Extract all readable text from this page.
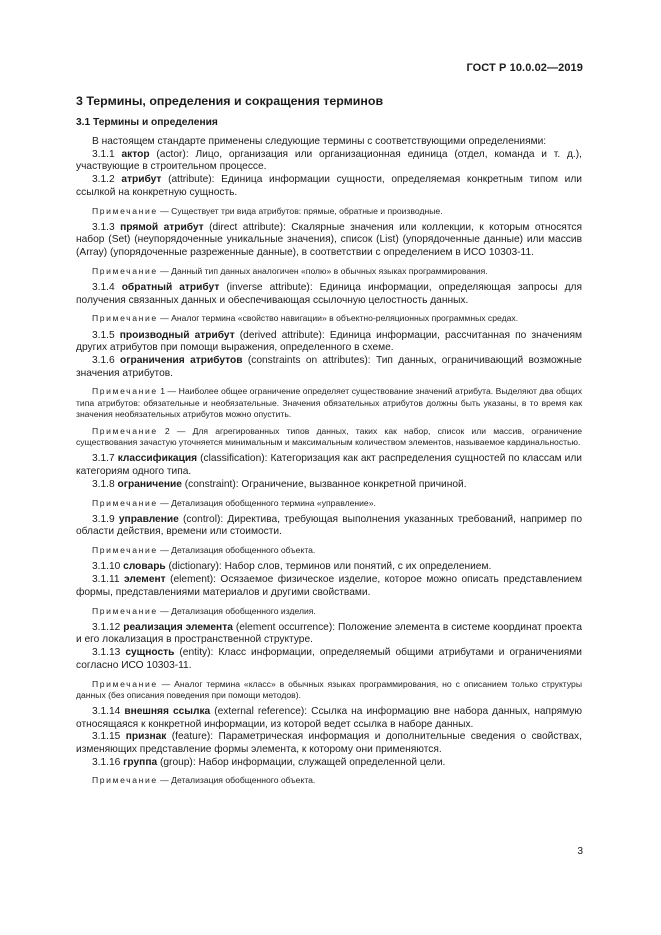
ГОСТ Р 10.0.02—2019
3 Термины, определения и сокращения терминов
3.1 Термины и определения

В настоящем стандарте применены следующие термины с соответствующими определениями:

3.1.1 актор (actor): Лицо, организация или организационная единица (отдел, команда и т. д.), участвующие в строительном процессе.

3.1.2 атрибут (attribute): Единица информации сущности, определяемая конкретным типом или ссылкой на конкретную сущность.

Примечание — Существует три вида атрибутов: прямые, обратные и производные.

3.1.3 прямой атрибут (direct attribute): Скалярные значения или коллекции, к которым относятся набор (Set) (неупорядоченные уникальные значения), список (List) (упорядоченные данные) или массив (Array) (упорядоченные разреженные данные), в соответствии с определением в ИСО 10303-11.

Примечание — Данный тип данных аналогичен «полю» в обычных языках программирования.

3.1.4 обратный атрибут (inverse attribute): Единица информации, определяющая запросы для получения связанных данных и обеспечивающая ссылочную целостность данных.

Примечание — Аналог термина «свойство навигации» в объектно-реляционных программных средах.

3.1.5 производный атрибут (derived attribute): Единица информации, рассчитанная по значениям других атрибутов при помощи выражения, определенного в схеме.

3.1.6 ограничения атрибутов (constraints on attributes): Тип данных, ограничивающий возможные значения атрибутов.

Примечание 1 — Наиболее общее ограничение определяет существование значений атрибута. Выделяют два общих типа атрибутов: обязательные и необязательные. Значения обязательных атрибутов должны быть указаны, в то время как значения необязательных атрибутов можно опустить.

Примечание 2 — Для агрегированных типов данных, таких как набор, список или массив, ограничение существования зачастую уточняется минимальным и максимальным количеством элементов, называемое кардинальностью.

3.1.7 классификация (classification): Категоризация как акт распределения сущностей по классам или категориям одного типа.

3.1.8 ограничение (constraint): Ограничение, вызванное конкретной причиной.

Примечание — Детализация обобщенного термина «управление».

3.1.9 управление (control): Директива, требующая выполнения указанных требований, например по области действия, времени или стоимости.

Примечание — Детализация обобщенного объекта.

3.1.10 словарь (dictionary): Набор слов, терминов или понятий, с их определением.

3.1.11 элемент (element): Осязаемое физическое изделие, которое можно описать представлением формы, представлениями материалов и другими свойствами.

Примечание — Детализация обобщенного изделия.

3.1.12 реализация элемента (element occurrence): Положение элемента в системе координат проекта и его локализация в пространственной структуре.

3.1.13 сущность (entity): Класс информации, определяемый общими атрибутами и ограничениями согласно ИСО 10303-11.

Примечание — Аналог термина «класс» в обычных языках программирования, но с описанием только структуры данных (без описания поведения при помощи методов).

3.1.14 внешняя ссылка (external reference): Ссылка на информацию вне набора данных, напрямую относящаяся к конкретной информации, из которой ведет ссылка в наборе данных.

3.1.15 признак (feature): Параметрическая информация и дополнительные сведения о свойствах, изменяющих представление формы элемента, к которому они применяются.

3.1.16 группа (group): Набор информации, служащей определенной цели.

Примечание — Детализация обобщенного объекта.

3
